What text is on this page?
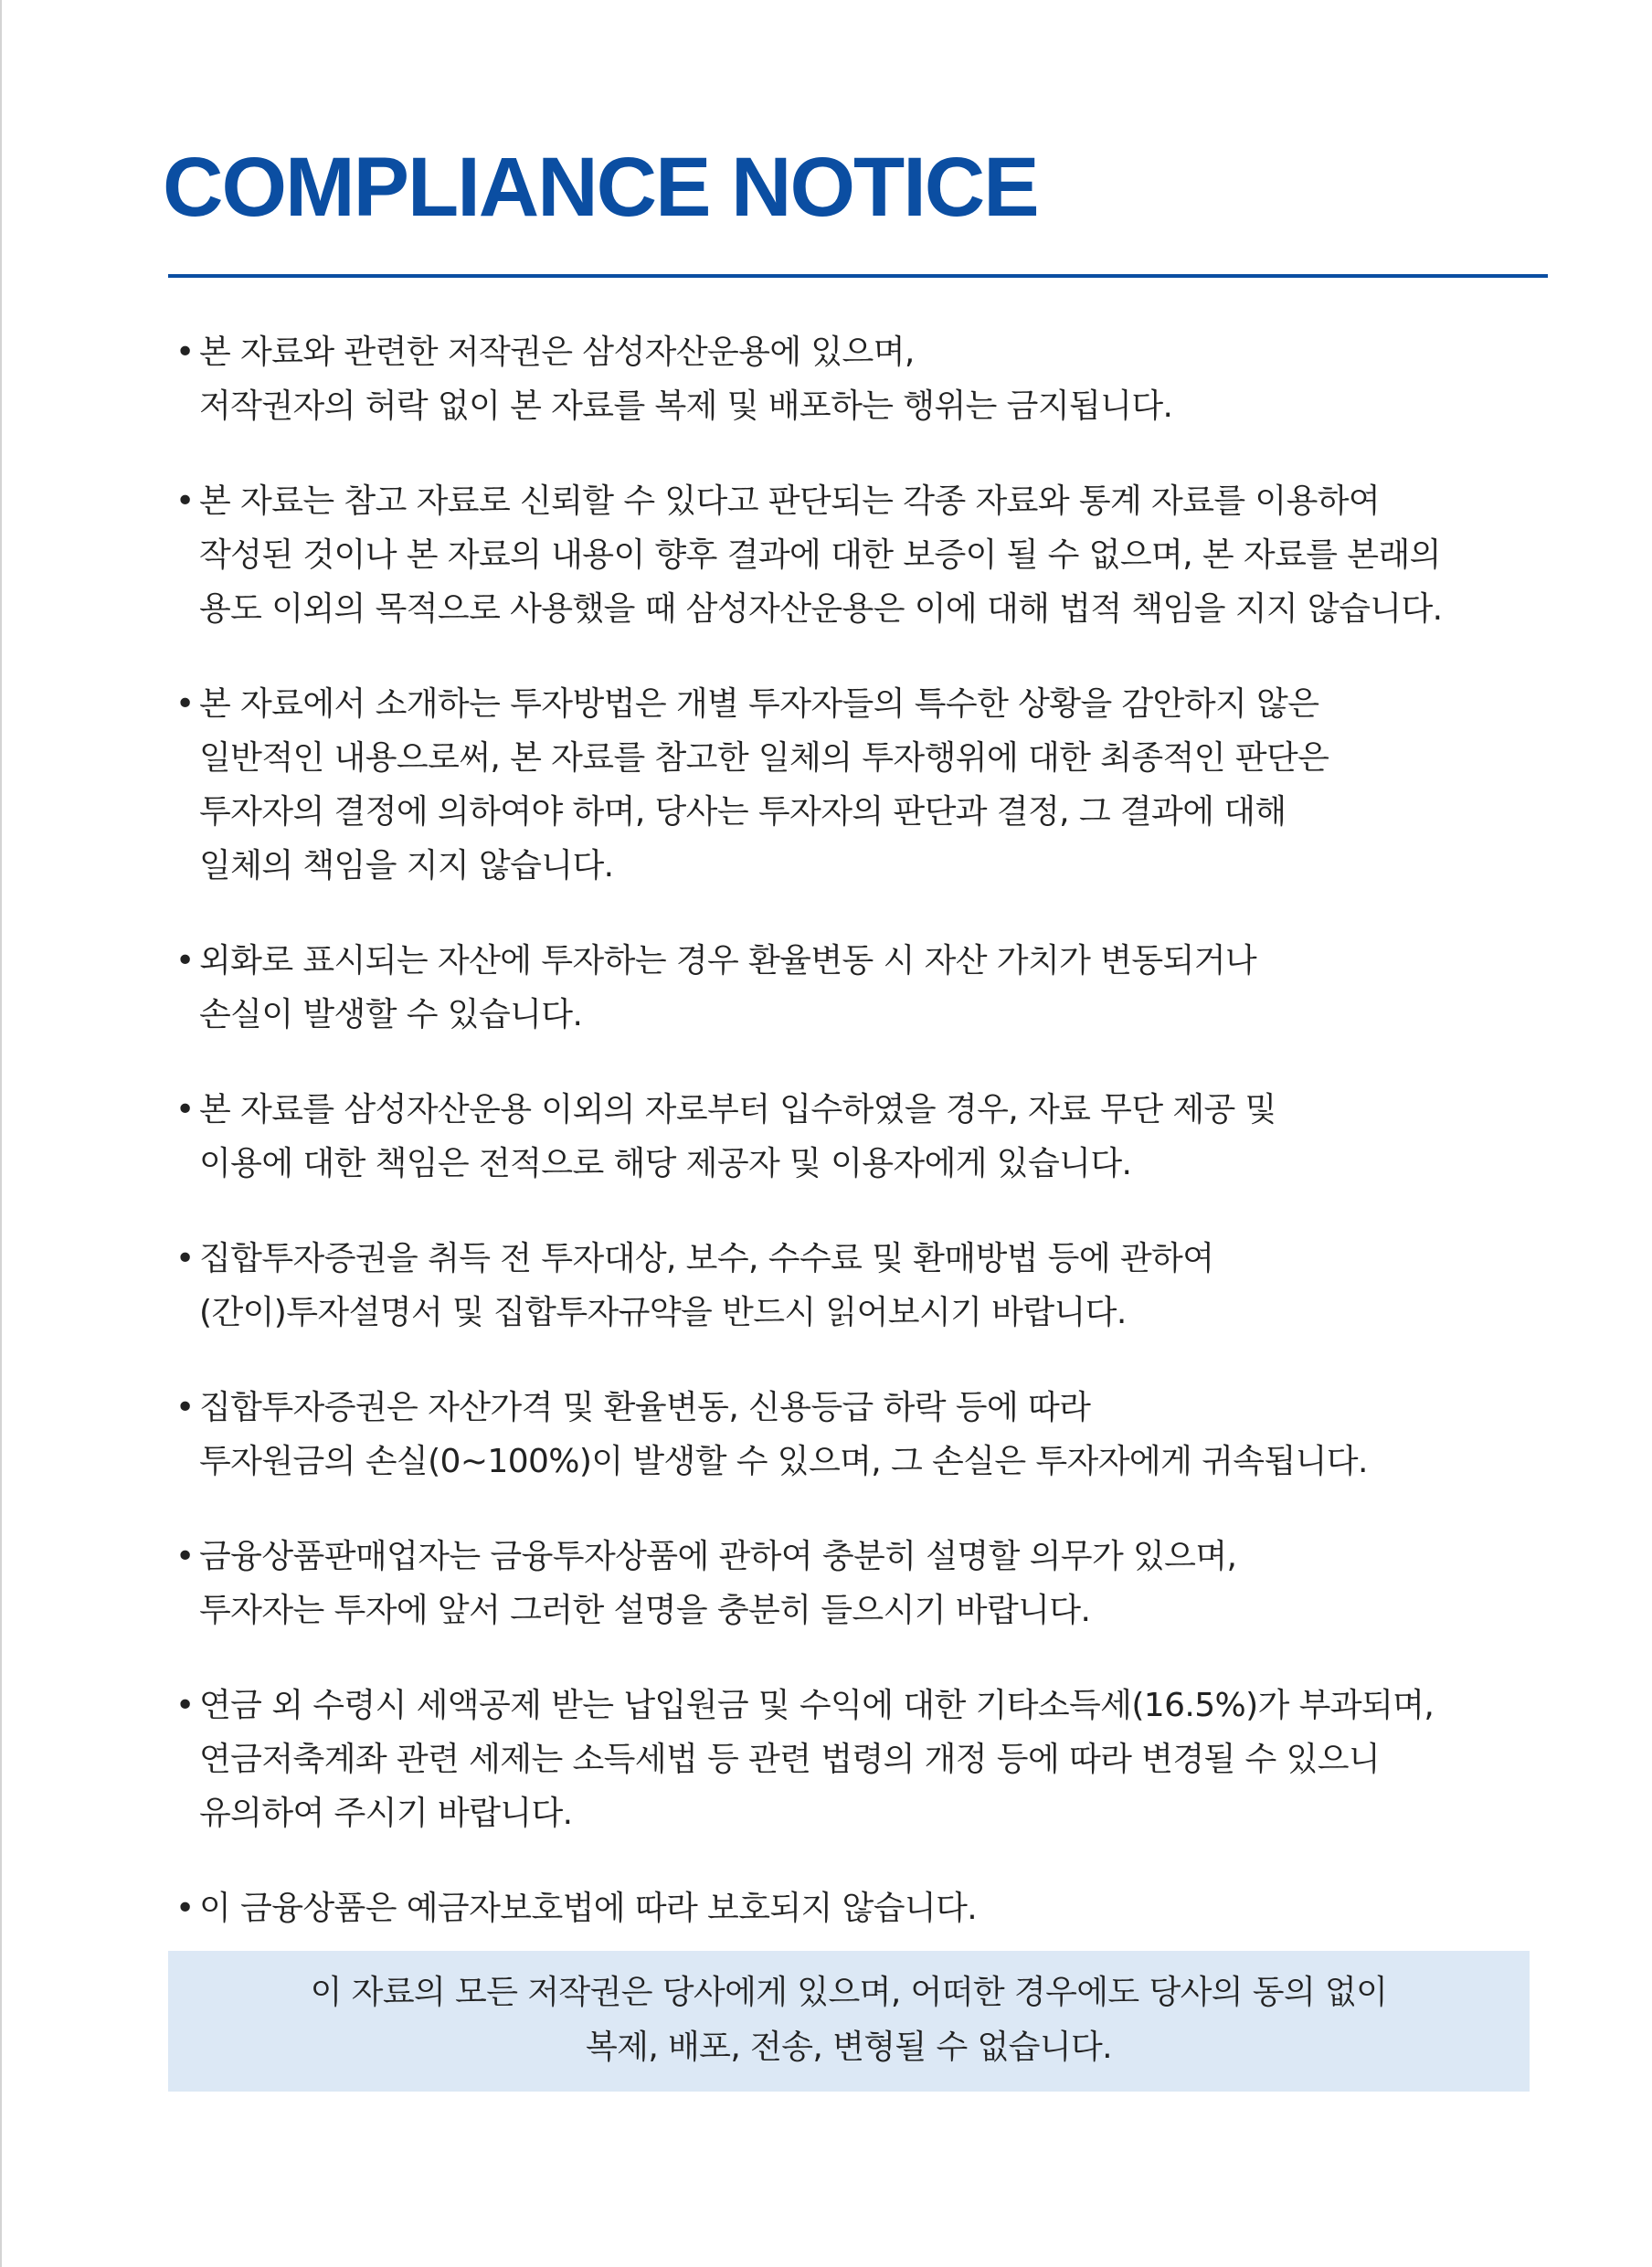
COMPLIANCE NOTICE
• 본 자료와 관련한 저작권은 삼성자산운용에 있으며,
저작권자의 허락 없이 본 자료를 복제 및 배포하는 행위는 금지됩니다.
• 본 자료는 참고 자료로 신뢰할 수 있다고 판단되는 각종 자료와 통계 자료를 이용하여
작성된 것이나 본 자료의 내용이 향후 결과에 대한 보증이 될 수 없으며, 본 자료를 본래의
용도 이외의 목적으로 사용했을 때 삼성자산운용은 이에 대해 법적 책임을 지지 않습니다.
• 본 자료에서 소개하는 투자방법은 개별 투자자들의 특수한 상황을 감안하지 않은
일반적인 내용으로써, 본 자료를 참고한 일체의 투자행위에 대한 최종적인 판단은
투자자의 결정에 의하여야 하며, 당사는 투자자의 판단과 결정, 그 결과에 대해
일체의 책임을 지지 않습니다.
• 외화로 표시되는 자산에 투자하는 경우 환율변동 시 자산 가치가 변동되거나
손실이 발생할 수 있습니다.
• 본 자료를 삼성자산운용 이외의 자로부터 입수하였을 경우, 자료 무단 제공 및
이용에 대한 책임은 전적으로 해당 제공자 및 이용자에게 있습니다.
• 집합투자증권을 취득 전 투자대상, 보수, 수수료 및 환매방법 등에 관하여
(간이)투자설명서 및 집합투자규약을 반드시 읽어보시기 바랍니다.
• 집합투자증권은 자산가격 및 환율변동, 신용등급 하락 등에 따라
투자원금의 손실(0~100%)이 발생할 수 있으며, 그 손실은 투자자에게 귀속됩니다.
• 금융상품판매업자는 금융투자상품에 관하여 충분히 설명할 의무가 있으며,
투자자는 투자에 앞서 그러한 설명을 충분히 들으시기 바랍니다.
• 연금 외 수령시 세액공제 받는 납입원금 및 수익에 대한 기타소득세(16.5%)가 부과되며,
연금저축계좌 관련 세제는 소득세법 등 관련 법령의 개정 등에 따라 변경될 수 있으니
유의하여 주시기 바랍니다.
• 이 금융상품은 예금자보호법에 따라 보호되지 않습니다.
이 자료의 모든 저작권은 당사에게 있으며, 어떠한 경우에도 당사의 동의 없이
복제, 배포, 전송, 변형될 수 없습니다.
